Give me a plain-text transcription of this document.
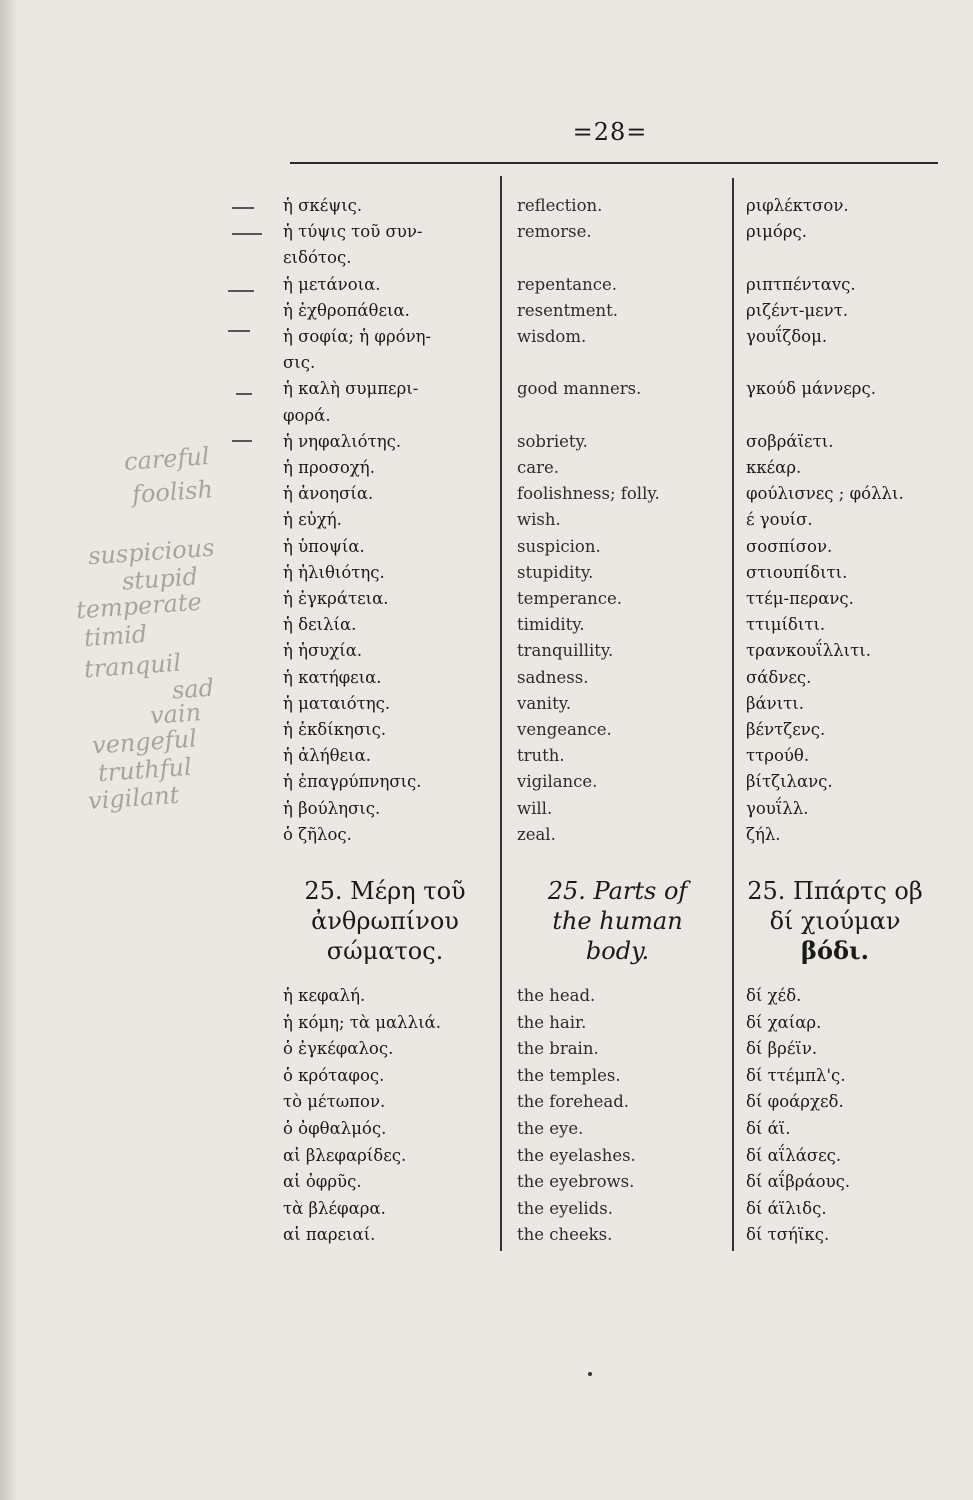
=28=
careful
foolish
suspicious
stupid
temperate
timid
tranquil
sad
vain
vengeful
truthful
vigilant
ἡ σκέψις.	reflection.	ριφλέκτσον.
ἡ τύψις τοῦ συν-	remorse.	ριμόρς.
ειδότος.
ἡ μετάνοια.	repentance.	ριπτπένταvς.
ἡ ἐχθροπάθεια.	resentment.	ριζέντ-μεντ.
ἡ σοφία; ἡ φρόνη-	wisdom.	γουΐζδομ.
σις.
ἡ καλὴ συμπερι-	good manners.	γκούδ μάννερς.
φορά.
ἡ νηφαλιότης.	sobriety.	σοβράϊετι.
ἡ προσοχή.	care.	κκέαρ.
ἡ ἀνοησία.	foolishness; folly.	φούλισνες ; φόλλι.
ἡ εὐχή.	wish.	έ γουίσ.
ἡ ὑποψία.	suspicion.	σοσπίσον.
ἡ ἠλιθιότης.	stupidity.	στιουπίδιτι.
ἡ ἐγκράτεια.	temperance.	ττέμ-περανς.
ἡ δειλία.	timidity.	ττιμίδιτι.
ἡ ἡσυχία.	tranquillity.	τρανκουΐλλιτι.
ἡ κατήφεια.	sadness.	σάδνες.
ἡ ματαιότης.	vanity.	βάνιτι.
ἡ ἐκδίκησις.	vengeance.	βέντζενς.
ἡ ἀλήθεια.	truth.	ττρούθ.
ἡ ἐπαγρύπνησις.	vigilance.	βίτζιλανς.
ἡ βούλησις.	will.	γουΐλλ.
ὁ ζῆλος.	zeal.	ζήλ.
25. Μέρη τοῦ
ἀνθρωπίνου
σώματος.
25. Parts of
the human
body.
25. Ππάρτς οβ
δί χιούμαν
βόδι.
ἡ κεφαλή.	the head.	δί χέδ.
ἡ κόμη; τὰ μαλλιά.	the hair.	δί χαίαρ.
ὁ ἐγκέφαλος.	the brain.	δί βρέϊν.
ὁ κρόταφος.	the temples.	δί ττέμπλ'ς.
τὸ μέτωπον.	the forehead.	δί φοάρχεδ.
ὁ ὀφθαλμός.	the eye.	δί άϊ.
αἱ βλεφαρίδες.	the eyelashes.	δί αΐλάσες.
αἱ ὀφρῦς.	the eyebrows.	δί αΐβράους.
τὰ βλέφαρα.	the eyelids.	δί άϊλιδς.
αἱ παρειαί.	the cheeks.	δί τσήϊκς.
